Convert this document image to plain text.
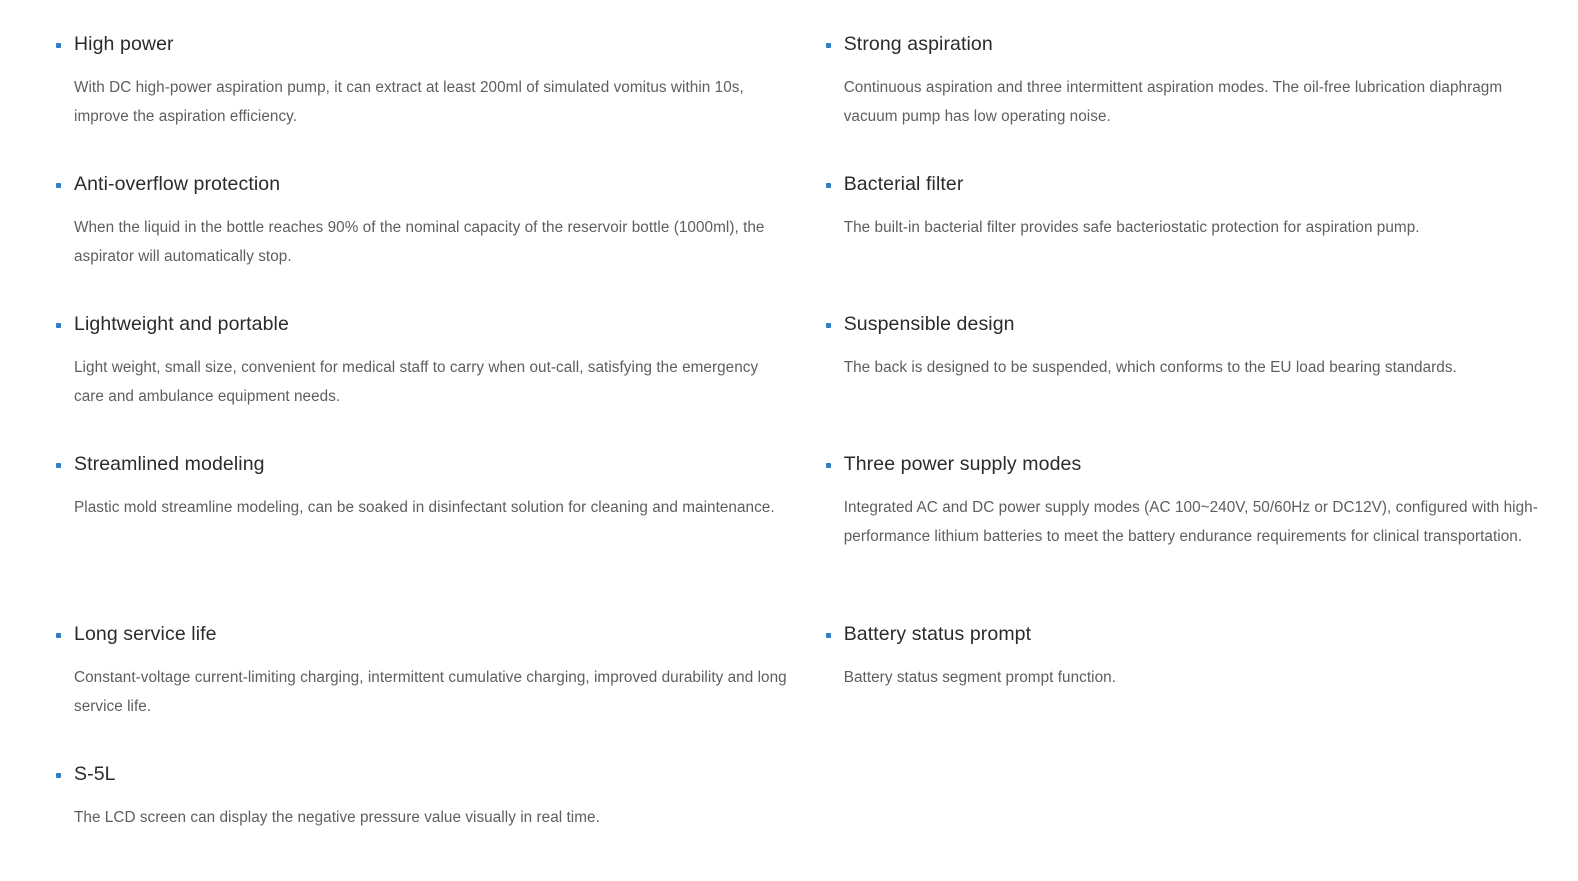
High power

With DC high-power aspiration pump, it can extract at least 200ml of simulated vomitus within 10s, improve the aspiration efficiency.

Anti-overflow protection

When the liquid in the bottle reaches 90% of the nominal capacity of the reservoir bottle (1000ml), the aspirator will automatically stop.

Lightweight and portable

Light weight, small size, convenient for medical staff to carry when out-call, satisfying the emergency care and ambulance equipment needs.

Streamlined modeling

Plastic mold streamline modeling, can be soaked in disinfectant solution for cleaning and maintenance.

Long service life

Constant-voltage current-limiting charging, intermittent cumulative charging, improved durability and long service life.

S-5L

The LCD screen can display the negative pressure value visually in real time.

Strong aspiration

Continuous aspiration and three intermittent aspiration modes. The oil-free lubrication diaphragm vacuum pump has low operating noise.

Bacterial filter

The built-in bacterial filter provides safe bacteriostatic protection for aspiration pump.

Suspensible design

The back is designed to be suspended, which conforms to the EU load bearing standards.

Three power supply modes

Integrated AC and DC power supply modes (AC 100~240V, 50/60Hz or DC12V), configured with high-performance lithium batteries to meet the battery endurance requirements for clinical transportation.

Battery status prompt

Battery status segment prompt function.
